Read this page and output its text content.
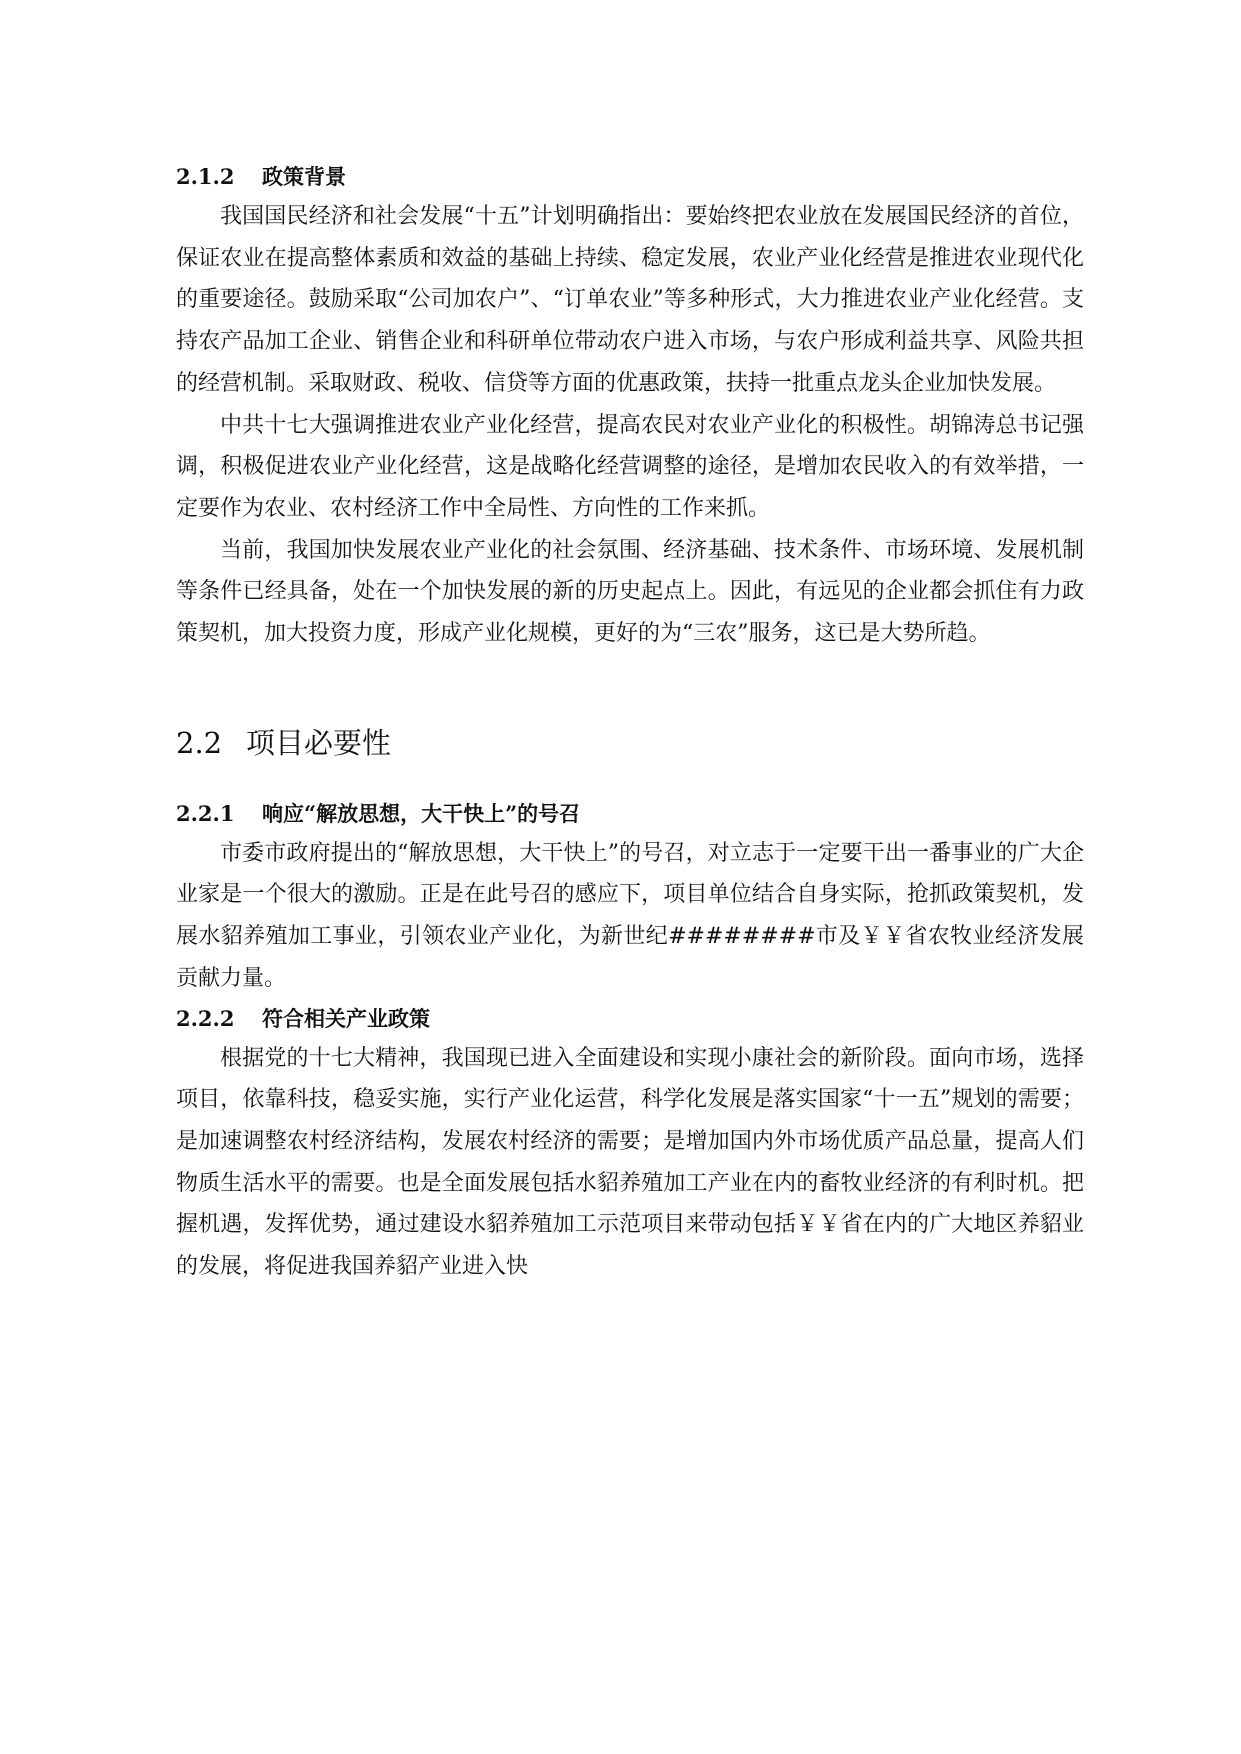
2.1.2 政策背景

我国国民经济和社会发展“十五”计划明确指出：要始终把农业放在发展国民经济的首位，保证农业在提高整体素质和效益的基础上持续、稳定发展，农业产业化经营是推进农业现代化的重要途径。鼓励采取“公司加农户”、“订单农业”等多种形式，大力推进农业产业化经营。支持农产品加工企业、销售企业和科研单位带动农户进入市场，与农户形成利益共享、风险共担的经营机制。采取财政、税收、信贷等方面的优惠政策，扶持一批重点龙头企业加快发展。

中共十七大强调推进农业产业化经营，提高农民对农业产业化的积极性。胡锦涛总书记强调，积极促进农业产业化经营，这是战略化经营调整的途径，是增加农民收入的有效举措，一定要作为农业、农村经济工作中全局性、方向性的工作来抓。

当前，我国加快发展农业产业化的社会氛围、经济基础、技术条件、市场环境、发展机制等条件已经具备，处在一个加快发展的新的历史起点上。因此，有远见的企业都会抓住有力政策契机，加大投资力度，形成产业化规模，更好的为“三农”服务，这已是大势所趋。

2.2 项目必要性
2.2.1 响应“解放思想，大干快上”的号召

市委市政府提出的“解放思想，大干快上”的号召，对立志于一定要干出一番事业的广大企业家是一个很大的激励。正是在此号召的感应下，项目单位结合自身实际，抢抓政策契机，发展水貂养殖加工事业，引领农业产业化，为新世纪########市及￥￥省农牧业经济发展贡献力量。

2.2.2 符合相关产业政策

根据党的十七大精神，我国现已进入全面建设和实现小康社会的新阶段。面向市场，选择项目，依靠科技，稳妥实施，实行产业化运营，科学化发展是落实国家“十一五”规划的需要；是加速调整农村经济结构，发展农村经济的需要；是增加国内外市场优质产品总量，提高人们物质生活水平的需要。也是全面发展包括水貂养殖加工产业在内的畜牧业经济的有利时机。把握机遇，发挥优势，通过建设水貂养殖加工示范项目来带动包括￥￥省在内的广大地区养貂业的发展，将促进我国养貂产业进入快
